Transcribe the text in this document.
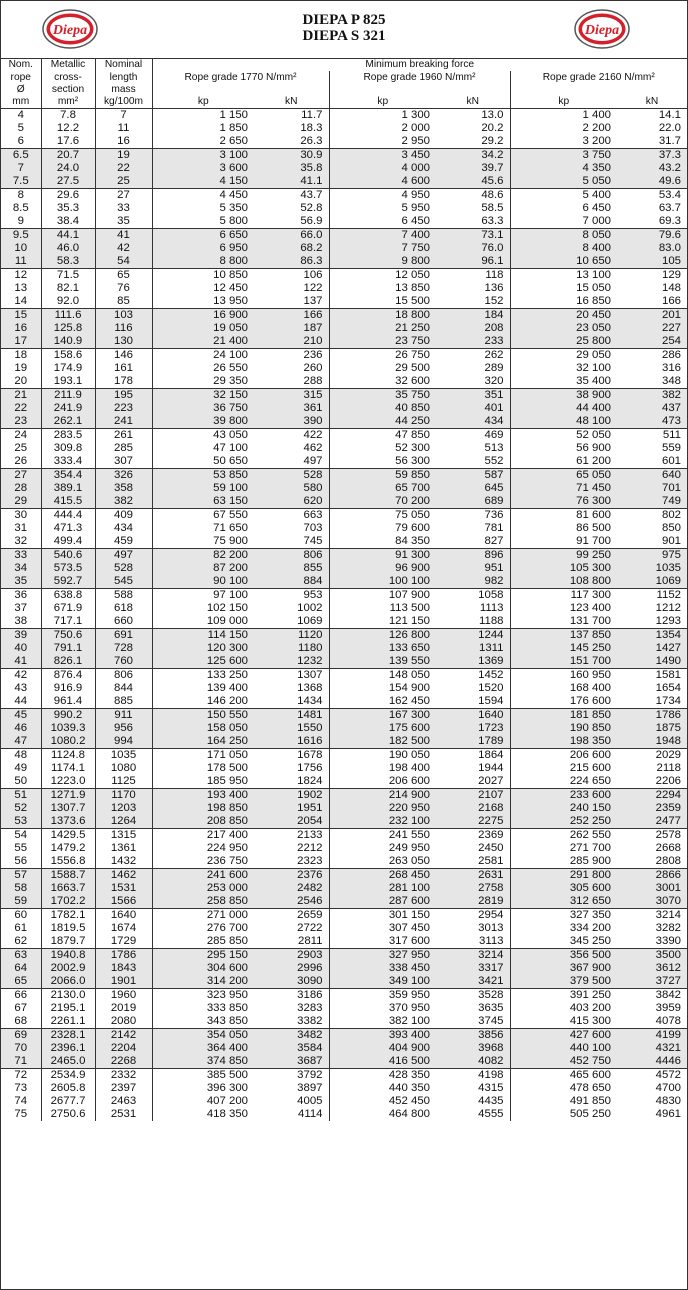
Diepa
DIEPA P 825
DIEPA S 321	Diepa
Nom.	Metallic	Nominal	Minimum breaking force					
rope	cross-	length	Rope grade 1770 N/mm²		Rope grade 1960 N/mm²		Rope grade 2160 N/mm²	
Ø	section	mass						
mm	mm²	kg/100m	kp	kN	kp	kN	kp	kN
4	7.8	7	1 150	11.7	1 300	13.0	1 400	14.1
5	12.2	11	1 850	18.3	2 000	20.2	2 200	22.0
6	17.6	16	2 650	26.3	2 950	29.2	3 200	31.7
6.5	20.7	19	3 100	30.9	3 450	34.2	3 750	37.3
7	24.0	22	3 600	35.8	4 000	39.7	4 350	43.2
7.5	27.5	25	4 150	41.1	4 600	45.6	5 050	49.6
8	29.6	27	4 450	43.7	4 950	48.6	5 400	53.4
8.5	35.3	33	5 350	52.8	5 950	58.5	6 450	63.7
9	38.4	35	5 800	56.9	6 450	63.3	7 000	69.3
9.5	44.1	41	6 650	66.0	7 400	73.1	8 050	79.6
10	46.0	42	6 950	68.2	7 750	76.0	8 400	83.0
11	58.3	54	8 800	86.3	9 800	96.1	10 650	105
12	71.5	65	10 850	106	12 050	118	13 100	129
13	82.1	76	12 450	122	13 850	136	15 050	148
14	92.0	85	13 950	137	15 500	152	16 850	166
15	111.6	103	16 900	166	18 800	184	20 450	201
16	125.8	116	19 050	187	21 250	208	23 050	227
17	140.9	130	21 400	210	23 750	233	25 800	254
18	158.6	146	24 100	236	26 750	262	29 050	286
19	174.9	161	26 550	260	29 500	289	32 100	316
20	193.1	178	29 350	288	32 600	320	35 400	348
21	211.9	195	32 150	315	35 750	351	38 900	382
22	241.9	223	36 750	361	40 850	401	44 400	437
23	262.1	241	39 800	390	44 250	434	48 100	473
24	283.5	261	43 050	422	47 850	469	52 050	511
25	309.8	285	47 100	462	52 300	513	56 900	559
26	333.4	307	50 650	497	56 300	552	61 200	601
27	354.4	326	53 850	528	59 850	587	65 050	640
28	389.1	358	59 100	580	65 700	645	71 450	701
29	415.5	382	63 150	620	70 200	689	76 300	749
30	444.4	409	67 550	663	75 050	736	81 600	802
31	471.3	434	71 650	703	79 600	781	86 500	850
32	499.4	459	75 900	745	84 350	827	91 700	901
33	540.6	497	82 200	806	91 300	896	99 250	975
34	573.5	528	87 200	855	96 900	951	105 300	1035
35	592.7	545	90 100	884	100 100	982	108 800	1069
36	638.8	588	97 100	953	107 900	1058	117 300	1152
37	671.9	618	102 150	1002	113 500	1113	123 400	1212
38	717.1	660	109 000	1069	121 150	1188	131 700	1293
39	750.6	691	114 150	1120	126 800	1244	137 850	1354
40	791.1	728	120 300	1180	133 650	1311	145 250	1427
41	826.1	760	125 600	1232	139 550	1369	151 700	1490
42	876.4	806	133 250	1307	148 050	1452	160 950	1581
43	916.9	844	139 400	1368	154 900	1520	168 400	1654
44	961.4	885	146 200	1434	162 450	1594	176 600	1734
45	990.2	911	150 550	1481	167 300	1640	181 850	1786
46	1039.3	956	158 050	1550	175 600	1723	190 850	1875
47	1080.2	994	164 250	1616	182 500	1789	198 350	1948
48	1124.8	1035	171 050	1678	190 050	1864	206 600	2029
49	1174.1	1080	178 500	1756	198 400	1944	215 600	2118
50	1223.0	1125	185 950	1824	206 600	2027	224 650	2206
51	1271.9	1170	193 400	1902	214 900	2107	233 600	2294
52	1307.7	1203	198 850	1951	220 950	2168	240 150	2359
53	1373.6	1264	208 850	2054	232 100	2275	252 250	2477
54	1429.5	1315	217 400	2133	241 550	2369	262 550	2578
55	1479.2	1361	224 950	2212	249 950	2450	271 700	2668
56	1556.8	1432	236 750	2323	263 050	2581	285 900	2808
57	1588.7	1462	241 600	2376	268 450	2631	291 800	2866
58	1663.7	1531	253 000	2482	281 100	2758	305 600	3001
59	1702.2	1566	258 850	2546	287 600	2819	312 650	3070
60	1782.1	1640	271 000	2659	301 150	2954	327 350	3214
61	1819.5	1674	276 700	2722	307 450	3013	334 200	3282
62	1879.7	1729	285 850	2811	317 600	3113	345 250	3390
63	1940.8	1786	295 150	2903	327 950	3214	356 500	3500
64	2002.9	1843	304 600	2996	338 450	3317	367 900	3612
65	2066.0	1901	314 200	3090	349 100	3421	379 500	3727
66	2130.0	1960	323 950	3186	359 950	3528	391 250	3842
67	2195.1	2019	333 850	3283	370 950	3635	403 200	3959
68	2261.1	2080	343 850	3382	382 100	3745	415 300	4078
69	2328.1	2142	354 050	3482	393 400	3856	427 600	4199
70	2396.1	2204	364 400	3584	404 900	3968	440 100	4321
71	2465.0	2268	374 850	3687	416 500	4082	452 750	4446
72	2534.9	2332	385 500	3792	428 350	4198	465 600	4572
73	2605.8	2397	396 300	3897	440 350	4315	478 650	4700
74	2677.7	2463	407 200	4005	452 450	4435	491 850	4830
75	2750.6	2531	418 350	4114	464 800	4555	505 250	4961
